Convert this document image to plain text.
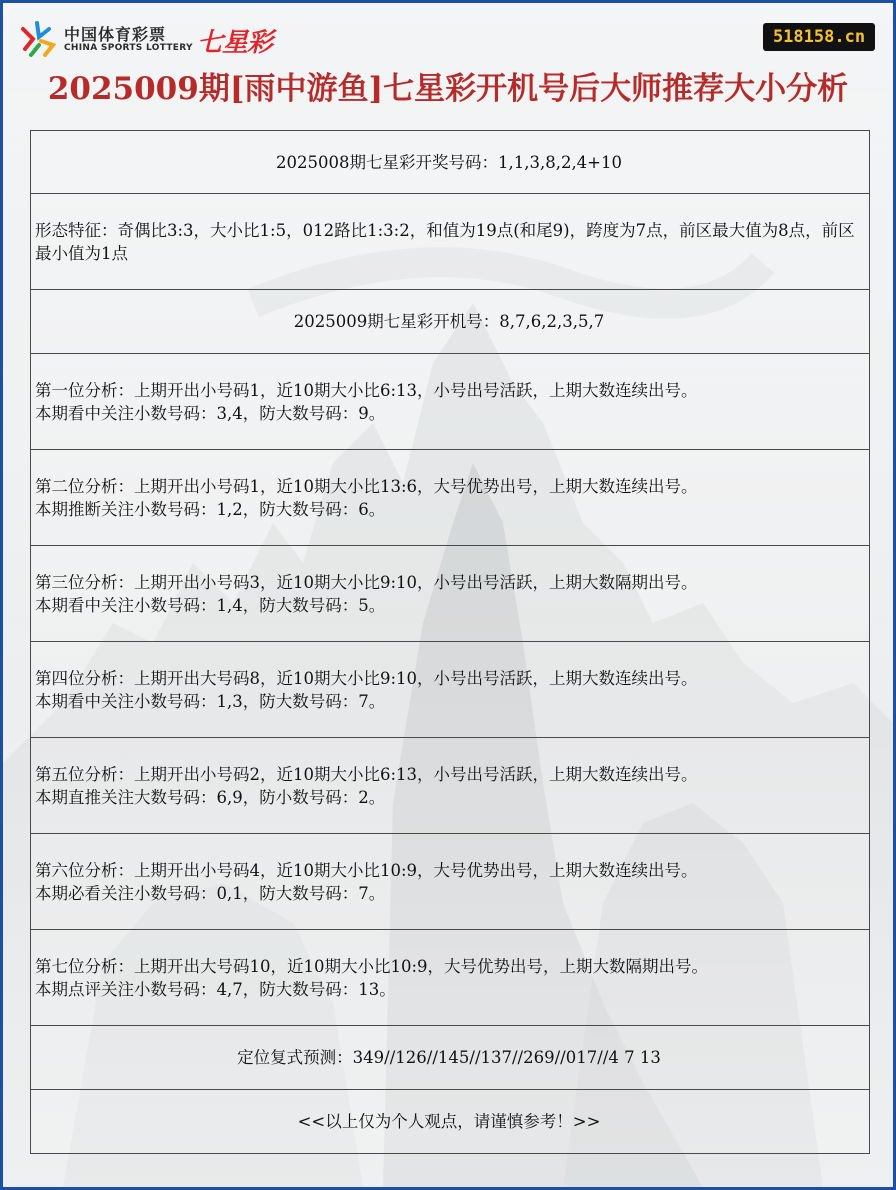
中国体育彩票
CHINA SPORTS LOTTERY 七星彩	518158.cn
2025009期[雨中游鱼]七星彩开机号后大师推荐大小分析
2025008期七星彩开奖号码：1,1,3,8,2,4+10
形态特征：奇偶比3:3，大小比1:5，012路比1:3:2，和值为19点(和尾9)，跨度为7点，前区最大值为8点，前区最小值为1点
2025009期七星彩开机号：8,7,6,2,3,5,7
第一位分析：上期开出小号码1，近10期大小比6:13，小号出号活跃，上期大数连续出号。
本期看中关注小数号码：3,4，防大数号码：9。
第二位分析：上期开出小号码1，近10期大小比13:6，大号优势出号，上期大数连续出号。
本期推断关注小数号码：1,2，防大数号码：6。
第三位分析：上期开出小号码3，近10期大小比9:10，小号出号活跃，上期大数隔期出号。
本期看中关注小数号码：1,4，防大数号码：5。
第四位分析：上期开出大号码8，近10期大小比9:10，小号出号活跃，上期大数连续出号。
本期看中关注小数号码：1,3，防大数号码：7。
第五位分析：上期开出小号码2，近10期大小比6:13，小号出号活跃，上期大数连续出号。
本期直推关注大数号码：6,9，防小数号码：2。
第六位分析：上期开出小号码4，近10期大小比10:9，大号优势出号，上期大数连续出号。
本期必看关注小数号码：0,1，防大数号码：7。
第七位分析：上期开出大号码10，近10期大小比10:9，大号优势出号，上期大数隔期出号。
本期点评关注小数号码：4,7，防大数号码：13。
定位复式预测：349//126//145//137//269//017//4 7 13
<<以上仅为个人观点，请谨慎参考！>>
